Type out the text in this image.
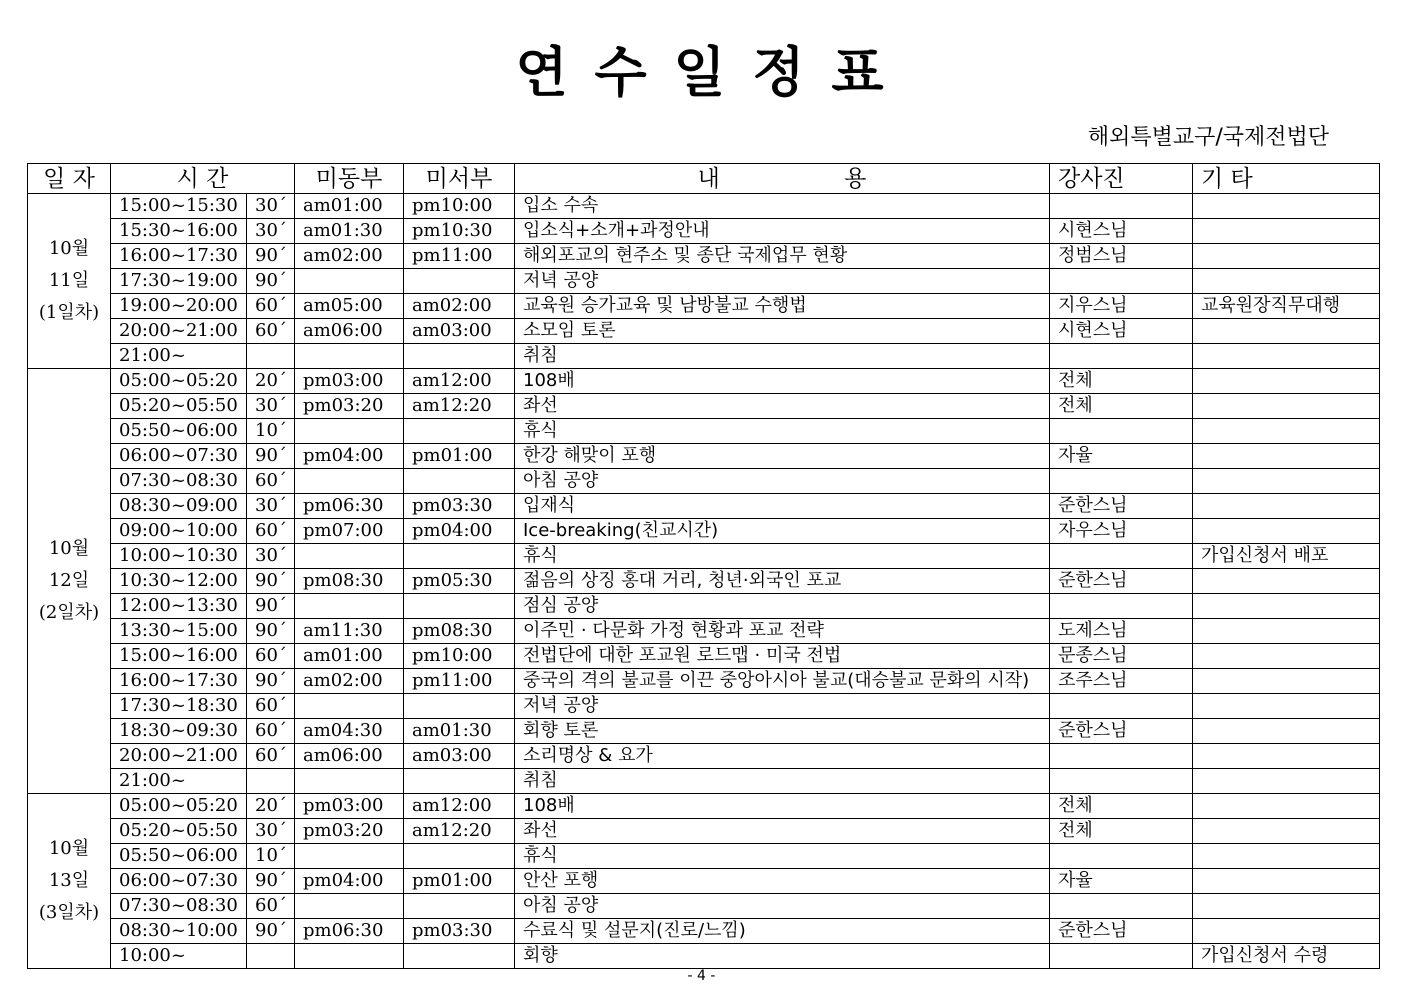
연 수 일 정 표
해외특별교구/국제전법단
일 자	시 간		미동부	미서부	내                 용	강사진	기 타

10월
11일
(1일차)	15:00~15:30	30´	am01:00	pm10:00	입소 수속		
	15:30~16:00	30´	am01:30	pm10:30	입소식+소개+과정안내	시현스님	
	16:00~17:30	90´	am02:00	pm11:00	해외포교의 현주소 및 종단 국제업무 현황	정범스님	
	17:30~19:00	90´			저녁 공양		
	19:00~20:00	60´	am05:00	am02:00	교육원 승가교육 및 남방불교 수행법	지우스님	교육원장직무대행
	20:00~21:00	60´	am06:00	am03:00	소모임 토론	시현스님	
	21:00~				취침		

10월
12일
(2일차)	05:00~05:20	20´	pm03:00	am12:00	108배	전체	
	05:20~05:50	30´	pm03:20	am12:20	좌선	전체	
	05:50~06:00	10´			휴식		
	06:00~07:30	90´	pm04:00	pm01:00	한강 해맞이 포행	자율	
	07:30~08:30	60´			아침 공양		
	08:30~09:00	30´	pm06:30	pm03:30	입재식	준한스님	
	09:00~10:00	60´	pm07:00	pm04:00	Ice-breaking(친교시간)	자우스님	
	10:00~10:30	30´			휴식		가입신청서 배포
	10:30~12:00	90´	pm08:30	pm05:30	젊음의 상징 홍대 거리, 청년·외국인 포교	준한스님	
	12:00~13:30	90´			점심 공양		
	13:30~15:00	90´	am11:30	pm08:30	이주민 · 다문화 가정 현황과 포교 전략	도제스님	
	15:00~16:00	60´	am01:00	pm10:00	전법단에 대한 포교원 로드맵 · 미국 전법	문종스님	
	16:00~17:30	90´	am02:00	pm11:00	중국의 격의 불교를 이끈 중앙아시아 불교(대승불교 문화의 시작)	조주스님	
	17:30~18:30	60´			저녁 공양		
	18:30~09:30	60´	am04:30	am01:30	회향 토론	준한스님	
	20:00~21:00	60´	am06:00	am03:00	소리명상 & 요가		
	21:00~				취침		

10월
13일
(3일차)	05:00~05:20	20´	pm03:00	am12:00	108배	전체	
	05:20~05:50	30´	pm03:20	am12:20	좌선	전체	
	05:50~06:00	10´			휴식		
	06:00~07:30	90´	pm04:00	pm01:00	안산 포행	자율	
	07:30~08:30	60´			아침 공양		
	08:30~10:00	90´	pm06:30	pm03:30	수료식 및 설문지(진로/느낌)	준한스님	
	10:00~				회향		가입신청서 수령
- 4 -
